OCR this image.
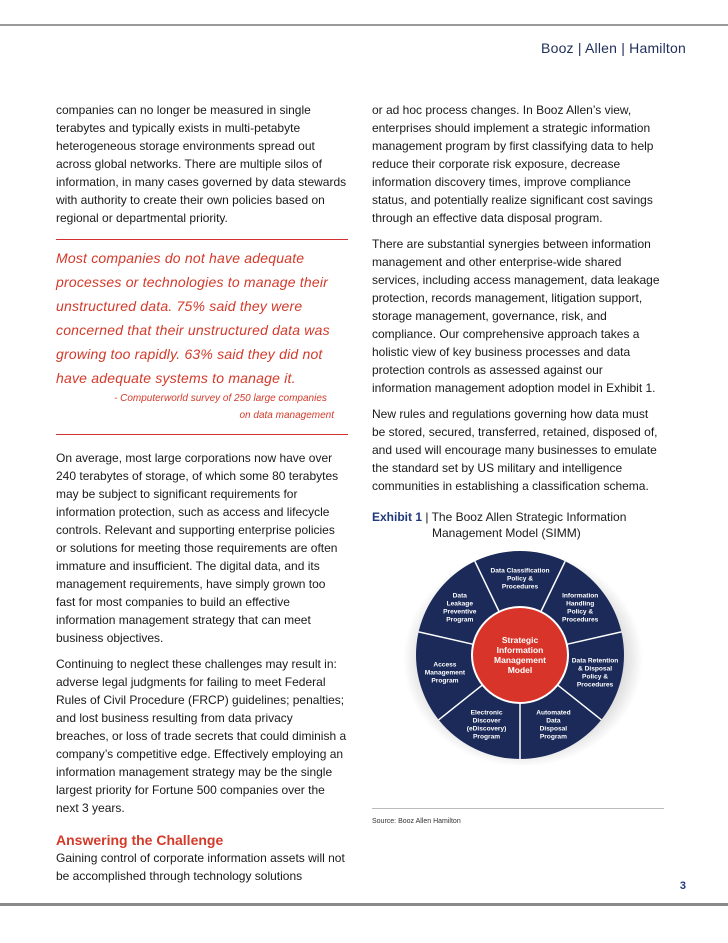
Booz | Allen | Hamilton

companies can no longer be measured in single terabytes and typically exists in multi-petabyte heterogeneous storage environments spread out across global networks. There are multiple silos of information, in many cases governed by data stewards with authority to create their own policies based on regional or departmental priority.

Most companies do not have adequate processes or technologies to manage their unstructured data. 75% said they were concerned that their unstructured data was growing too rapidly. 63% said they did not have adequate systems to manage it.
- Computerworld survey of 250 large companies
on data management

On average, most large corporations now have over 240 terabytes of storage, of which some 80 terabytes may be subject to significant requirements for information protection, such as access and lifecycle controls. Relevant and supporting enterprise policies or solutions for meeting those requirements are often immature and insufficient. The digital data, and its management requirements, have simply grown too fast for most companies to build an effective information management strategy that can meet business objectives.

Continuing to neglect these challenges may result in: adverse legal judgments for failing to meet Federal Rules of Civil Procedure (FRCP) guidelines; penalties; and lost business resulting from data privacy breaches, or loss of trade secrets that could diminish a company’s competitive edge. Effectively employing an information management strategy may be the single largest priority for Fortune 500 companies over the next 3 years.

Answering the Challenge

Gaining control of corporate information assets will not be accomplished through technology solutions

or ad hoc process changes. In Booz Allen’s view, enterprises should implement a strategic information management program by first classifying data to help reduce their corporate risk exposure, decrease information discovery times, improve compliance status, and potentially realize significant cost savings through an effective data disposal program.

There are substantial synergies between information management and other enterprise-wide shared services, including access management, data leakage protection, records management, litigation support, storage management, governance, risk, and compliance. Our comprehensive approach takes a holistic view of key business processes and data protection controls as assessed against our information management adoption model in Exhibit 1.

New rules and regulations governing how data must be stored, secured, transferred, retained, disposed of, and used will encourage many businesses to emulate the standard set by US military and intelligence communities in establishing a classification schema.

Exhibit 1 | The Booz Allen Strategic Information
Management Model (SIMM)
Strategic Information Management Model
Data Classification Policy & Procedures
Information Handling Policy & Procedures
Data Retention & Disposal Policy & Procedures
Automated Data Disposal Program
Electronic Discover (eDiscovery) Program
Access Management Program
Data Leakage Preventive Program
Source: Booz Allen Hamilton
3
